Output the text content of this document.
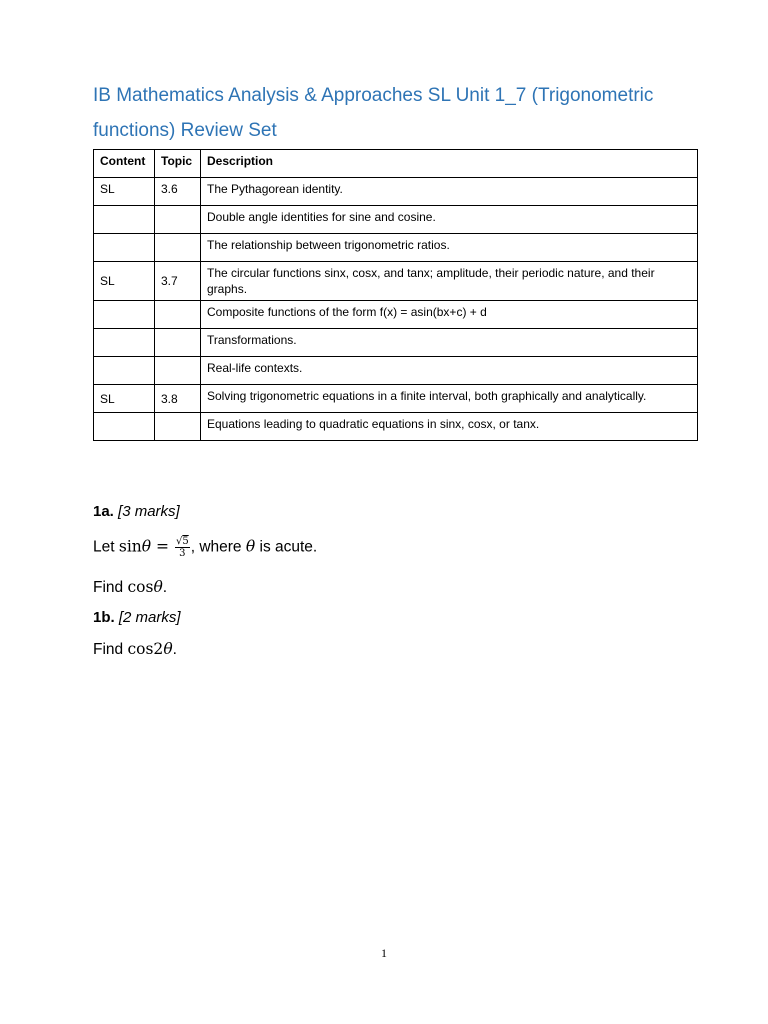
IB Mathematics Analysis & Approaches SL Unit 1_7 (Trigonometric functions) Review Set
Content	Topic	Description
SL	3.6	The Pythagorean identity.
		Double angle identities for sine and cosine.
		The relationship between trigonometric ratios.
SL	3.7	The circular functions sinx, cosx, and tanx; amplitude, their periodic nature, and their graphs.
		Composite functions of the form f(x) = asin(bx+c) + d
		Transformations.
		Real-life contexts.
SL	3.8	Solving trigonometric equations in a finite interval, both graphically and analytically.
		Equations leading to quadratic equations in sinx, cosx, or tanx.
1a. [3 marks]
Let $\sin\theta = \frac{√5}{3}$ , where θ is acute.
Find cosθ.
1b. [2 marks]
Find cos2θ.
1
